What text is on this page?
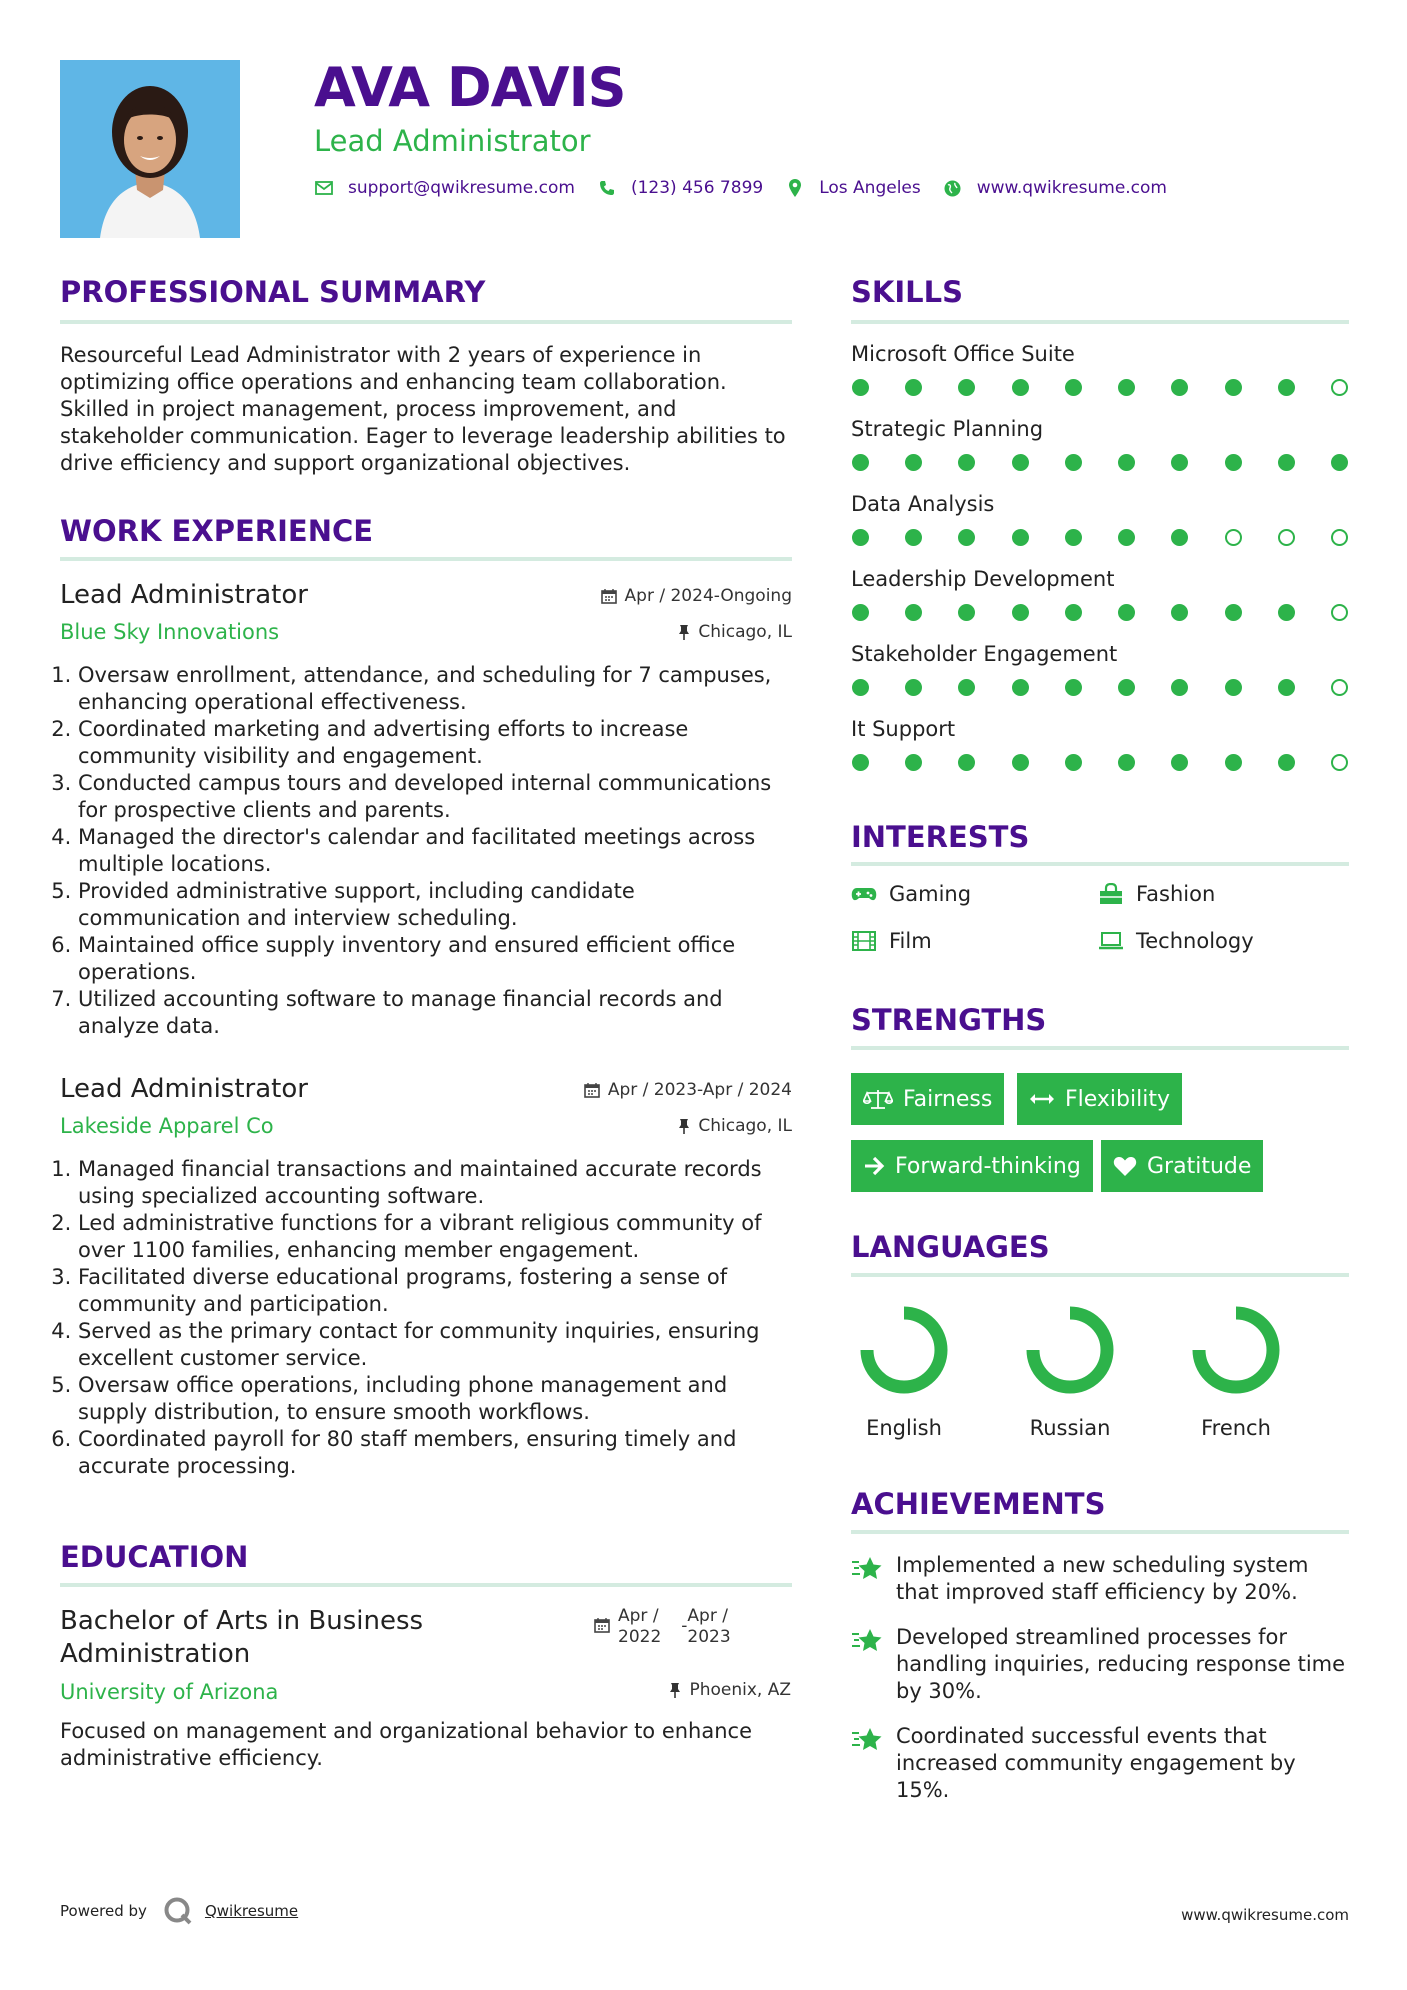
AVA DAVIS
Lead Administrator
support@qwikresume.com	(123) 456 7899	Los Angeles	www.qwikresume.com
PROFESSIONAL SUMMARY
Resourceful Lead Administrator with 2 years of experience in optimizing office operations and enhancing team collaboration. Skilled in project management, process improvement, and stakeholder communication. Eager to leverage leadership abilities to drive efficiency and support organizational objectives.
WORK EXPERIENCE
Lead Administrator
Blue Sky Innovations
Apr / 2024-Ongoing
Chicago, IL
1. Oversaw enrollment, attendance, and scheduling for 7 campuses, enhancing operational effectiveness.
2. Coordinated marketing and advertising efforts to increase community visibility and engagement.
3. Conducted campus tours and developed internal communications for prospective clients and parents.
4. Managed the director's calendar and facilitated meetings across multiple locations.
5. Provided administrative support, including candidate communication and interview scheduling.
6. Maintained office supply inventory and ensured efficient office operations.
7. Utilized accounting software to manage financial records and analyze data.
Lead Administrator
Lakeside Apparel Co
Apr / 2023-Apr / 2024
Chicago, IL
1. Managed financial transactions and maintained accurate records using specialized accounting software.
2. Led administrative functions for a vibrant religious community of over 1100 families, enhancing member engagement.
3. Facilitated diverse educational programs, fostering a sense of community and participation.
4. Served as the primary contact for community inquiries, ensuring excellent customer service.
5. Oversaw office operations, including phone management and supply distribution, to ensure smooth workflows.
6. Coordinated payroll for 80 staff members, ensuring timely and accurate processing.
EDUCATION
Bachelor of Arts in Business
Administration
Apr /
2022
- Apr /
2023
University of Arizona	Phoenix, AZ
Focused on management and organizational behavior to enhance administrative efficiency.
SKILLS
Microsoft Office Suite
Strategic Planning
Data Analysis
Leadership Development
Stakeholder Engagement
It Support
INTERESTS
Gaming	Fashion
Film	Technology
STRENGTHS
Fairness	Flexibility
Forward-thinking	Gratitude
LANGUAGES
English	Russian	French
ACHIEVEMENTS
Implemented a new scheduling system that improved staff efficiency by 20%.
Developed streamlined processes for handling inquiries, reducing response time by 30%.
Coordinated successful events that increased community engagement by 15%.
Powered by	Qwikresume	www.qwikresume.com
